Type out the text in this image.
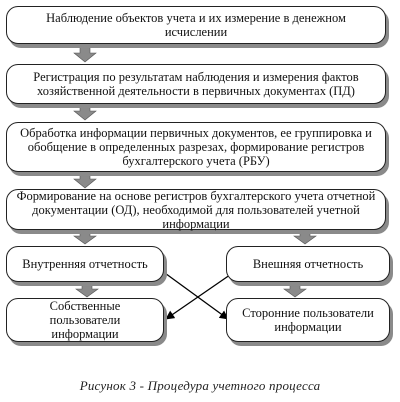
Наблюдение объектов учета и их измерение в денежном исчислении
Регистрация по результатам наблюдения и измерения фактов хозяйственной деятельности в первичных документах (ПД)
Обработка информации первичных документов, ее группировка и обобщение в определенных разрезах, формирование регистров бухгалтерского учета (РБУ)
Формирование на основе регистров бухгалтерского учета отчетной документации (ОД), необходимой для пользователей учетной информации
Внутренняя отчетность	Внешняя отчетность
Собственные пользователи информации
Сторонние пользователи информации
Рисунок 3 - Процедура учетного процесса
